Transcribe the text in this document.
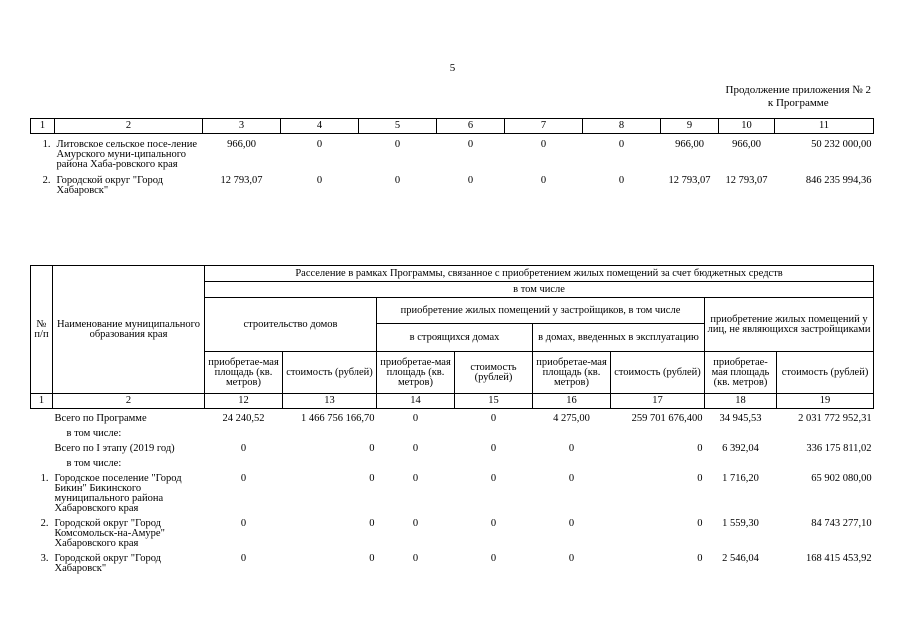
5
Продолжение приложения № 2
к Программе
1	2	3	4	5	6	7	8	9	10	11
1.	Литовское сельское посе-ление Амурского муни-ципального района Хаба-ровского края	966,00	0	0	0	0	0	966,00	966,00	50 232 000,00
2.	Городской округ "Город Хабаровск"	12 793,07	0	0	0	0	0	12 793,07	12 793,07	846 235 994,36
№ п/п	Наименование муниципального образования края	Расселение в рамках Программы, связанное с приобретением жилых помещений за счет бюджетных средств							
		в том числе							
		строительство домов		приобретение жилых помещений у застройщиков, в том числе				приобретение жилых помещений у лиц, не являющихся застройщиками	
				в строящихся домах		в домах, введенных в эксплуатацию			
		приобретае-мая площадь (кв. метров)	стоимость (рублей)	приобретае-мая площадь (кв. метров)	стоимость (рублей)	приобретае-мая площадь (кв. метров)	стоимость (рублей)	приобретае-мая площадь (кв. метров)	стоимость (рублей)
1	2	12	13	14	15	16	17	18	19
	Всего по Программе	24 240,52	1 466 756 166,70	0	0	4 275,00	259 701 676,400	34 945,53	2 031 772 952,31
	в том числе:								
	Всего по I этапу (2019 год)	0	0	0	0	0	0	6 392,04	336 175 811,02
	в том числе:								
1.	Городское поселение "Город Бикин" Бикинского муниципального района Хабаровского края	0	0	0	0	0	0	1 716,20	65 902 080,00
2.	Городской округ "Город Комсомольск-на-Амуре" Хабаровского края	0	0	0	0	0	0	1 559,30	84 743 277,10
3.	Городской округ "Город Хабаровск"	0	0	0	0	0	0	2 546,04	168 415 453,92
